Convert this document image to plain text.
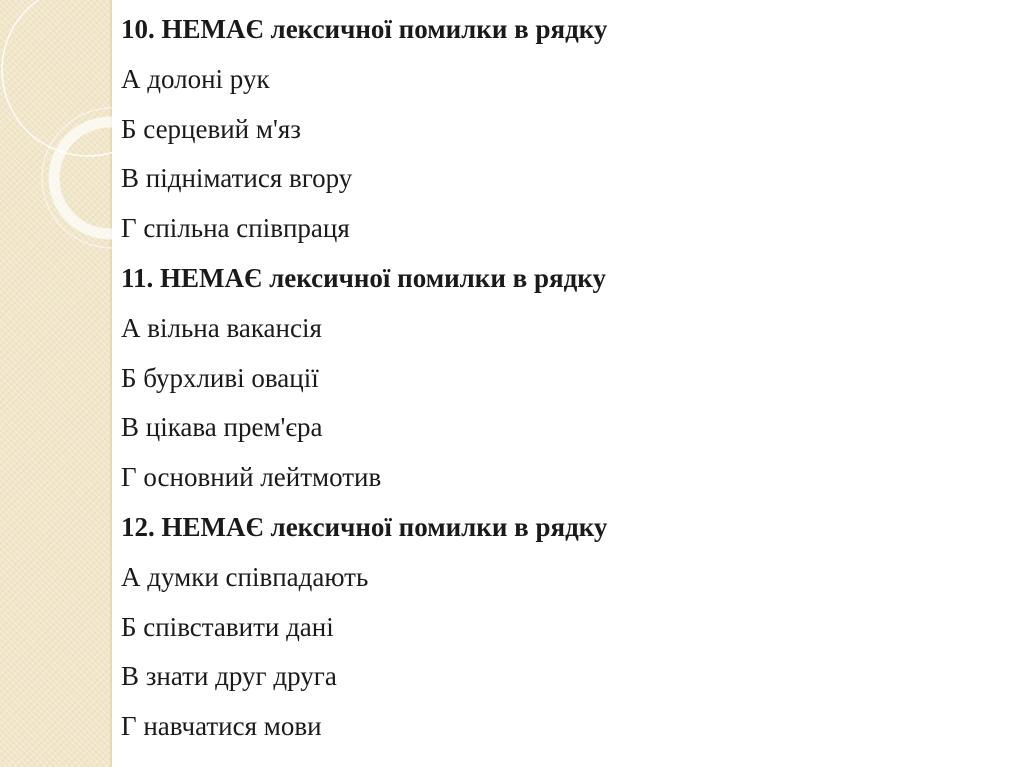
10. НЕМАЄ лексичної помилки в рядку
А долоні рук
Б серцевий м'яз
В підніматися вгору
Г спільна співпраця
11. НЕМАЄ лексичної помилки в рядку
А вільна вакансія
Б бурхливі овації
В цікава прем'єра
Г основний лейтмотив
12. НЕМАЄ лексичної помилки в рядку
А думки співпадають
Б співставити дані
В знати друг друга
Г навчатися мови
